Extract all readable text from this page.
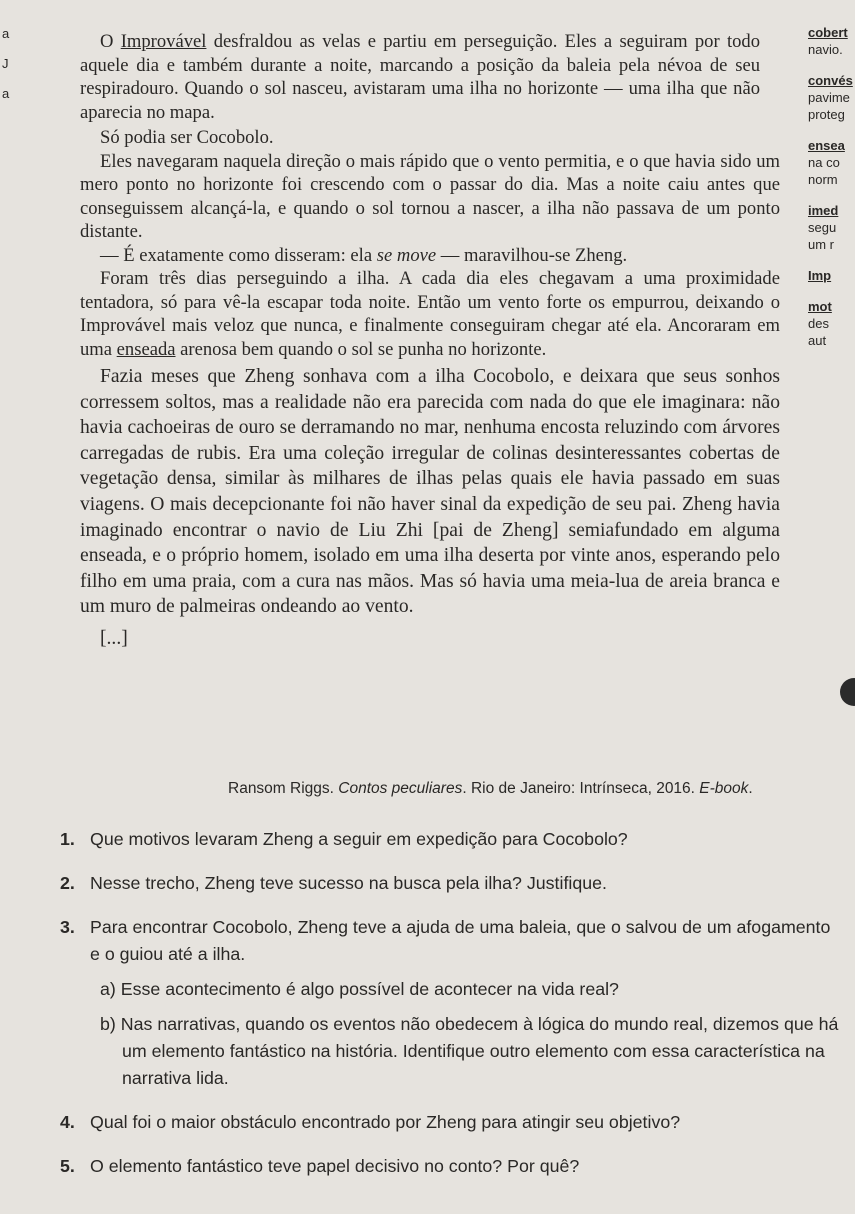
a
J
a

O Improvável desfraldou as velas e partiu em perseguição. Eles a seguiram por todo aquele dia e também durante a noite, marcando a posição da baleia pela névoa de seu respiradouro. Quando o sol nasceu, avistaram uma ilha no horizonte — uma ilha que não aparecia no mapa.

Só podia ser Cocobolo.

Eles navegaram naquela direção o mais rápido que o vento permitia, e o que havia sido um mero ponto no horizonte foi crescendo com o passar do dia. Mas a noite caiu antes que conseguissem alcançá-la, e quando o sol tornou a nascer, a ilha não passava de um ponto distante.

— É exatamente como disseram: ela se move — maravilhou-se Zheng.

Foram três dias perseguindo a ilha. A cada dia eles chegavam a uma proximidade tentadora, só para vê-la escapar toda noite. Então um vento forte os empurrou, deixando o Improvável mais veloz que nunca, e finalmente conseguiram chegar até ela. Ancoraram em uma enseada arenosa bem quando o sol se punha no horizonte.

Fazia meses que Zheng sonhava com a ilha Cocobolo, e deixara que seus sonhos corressem soltos, mas a realidade não era parecida com nada do que ele imaginara: não havia cachoeiras de ouro se derramando no mar, nenhuma encosta reluzindo com árvores carregadas de rubis. Era uma coleção irregular de colinas desinteressantes cobertas de vegetação densa, similar às milhares de ilhas pelas quais ele havia passado em suas viagens. O mais decepcionante foi não haver sinal da expedição de seu pai. Zheng havia imaginado encontrar o navio de Liu Zhi [pai de Zheng] semiafundado em alguma enseada, e o próprio homem, isolado em uma ilha deserta por vinte anos, esperando pelo filho em uma praia, com a cura nas mãos. Mas só havia uma meia-lua de areia branca e um muro de palmeiras ondeando ao vento.

[...]

cobert
navio.
convés
pavime
proteg
ensea
na co
norm
imed
segu
um r
Imp
mot
des
aut
Ransom Riggs. Contos peculiares. Rio de Janeiro: Intrínseca, 2016. E-book.

1. Que motivos levaram Zheng a seguir em expedição para Cocobolo?

2. Nesse trecho, Zheng teve sucesso na busca pela ilha? Justifique.

3. Para encontrar Cocobolo, Zheng teve a ajuda de uma baleia, que o salvou de um afogamento e o guiou até a ilha.

a) Esse acontecimento é algo possível de acontecer na vida real?

b) Nas narrativas, quando os eventos não obedecem à lógica do mundo real, dizemos que há um elemento fantástico na história. Identifique outro elemento com essa característica na narrativa lida.

4. Qual foi o maior obstáculo encontrado por Zheng para atingir seu objetivo?

5. O elemento fantástico teve papel decisivo no conto? Por quê?
